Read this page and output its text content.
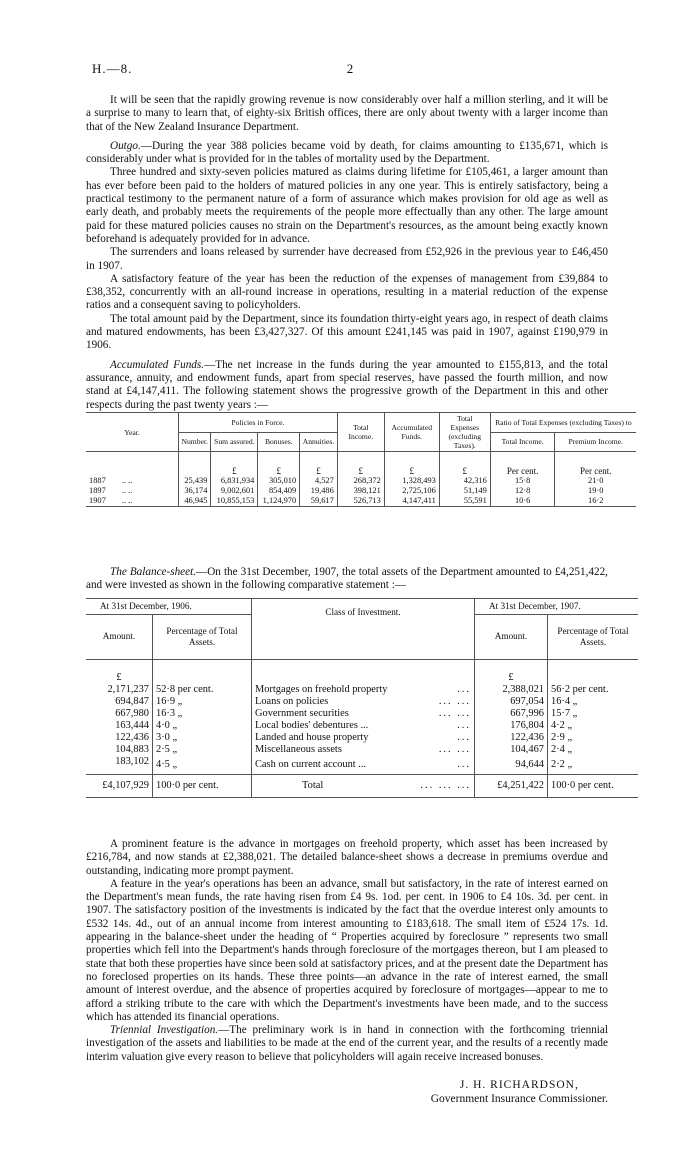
H.—8.	2

It will be seen that the rapidly growing revenue is now considerably over half a million sterling, and it will be a surprise to many to learn that, of eighty-six British offices, there are only about twenty with a larger income than that of the New Zealand Insurance Department.

Outgo.—During the year 388 policies became void by death, for claims amounting to £135,671, which is considerably under what is provided for in the tables of mortality used by the Department.

Three hundred and sixty-seven policies matured as claims during lifetime for £105,461, a larger amount than has ever before been paid to the holders of matured policies in any one year. This is entirely satisfactory, being a practical testimony to the permanent nature of a form of assurance which makes provision for old age as well as early death, and probably meets the requirements of the people more effectually than any other. The large amount paid for these matured policies causes no strain on the Department's resources, as the amount being exactly known beforehand is adequately provided for in advance.

The surrenders and loans released by surrender have decreased from £52,926 in the previous year to £46,450 in 1907.

A satisfactory feature of the year has been the reduction of the expenses of management from £39,884 to £38,352, concurrently with an all-round increase in operations, resulting in a material reduction of the expense ratios and a consequent saving to policyholders.

The total amount paid by the Department, since its foundation thirty-eight years ago, in respect of death claims and matured endowments, has been £3,427,327. Of this amount £241,145 was paid in 1907, against £190,979 in 1906.

Accumulated Funds.—The net increase in the funds during the year amounted to £155,813, and the total assurance, annuity, and endowment funds, apart from special reserves, have passed the fourth million, and now stand at £4,147,411. The following statement shows the progressive growth of the Department in this and other respects during the past twenty years :—

Year.	Policies in Force.				Total Income.	Accumulated Funds.	Total Expenses (excluding Taxes).	Ratio of Total Expenses (excluding Taxes) to	
	Number.	Sum assured.	Bonuses.	Annuities.				Total Income.	Premium Income.
		£	£	£	£	£	£	Per cent.	Per cent.
1887 .. ..	25,439	6,831,934	305,010	4,527	268,372	1,328,493	42,316	15·8	21·0
1897 .. ..	36,174	9,002,601	854,409	19,486	398,121	2,725,106	51,149	12·8	19·0
1907 .. ..	46,945	10,855,153	1,124,970	59,617	526,713	4,147,411	55,591	10·6	16·2

The Balance-sheet.—On the 31st December, 1907, the total assets of the Department amounted to £4,251,422, and were invested as shown in the following comparative statement :—

At 31st December, 1906.		Class of Investment.		At 31st December, 1907.	
Amount.	Percentage of Total Assets.			Amount.	Percentage of Total Assets.
£				£	
2,171,237	52·8 per cent.	Mortgages on freehold property	...	2,388,021	56·2 per cent.
694,847	16·9 „	Loans on policies	... ...	697,054	16·4 „
667,980	16·3 „	Government securities	... ...	667,996	15·7 „
163,444	4·0 „	Local bodies' debentures ...	...	176,804	4·2 „
122,436	3·0 „	Landed and house property	...	122,436	2·9 „
104,883	2·5 „	Miscellaneous assets	... ...	104,467	2·4 „
183,102	4·5 „	Cash on current account ...	...	94,644	2·2 „
£4,107,929	100·0 per cent.	Total	... ... ...	£4,251,422	100·0 per cent.

A prominent feature is the advance in mortgages on freehold property, which asset has been increased by £216,784, and now stands at £2,388,021. The detailed balance-sheet shows a decrease in premiums overdue and outstanding, indicating more prompt payment.

A feature in the year's operations has been an advance, small but satisfactory, in the rate of interest earned on the Department's mean funds, the rate having risen from £4 9s. 1od. per cent. in 1906 to £4 10s. 3d. per cent. in 1907. The satisfactory position of the investments is indicated by the fact that the overdue interest only amounts to £532 14s. 4d., out of an annual income from interest amounting to £183,618. The small item of £524 17s. 1d. appearing in the balance-sheet under the heading of “ Properties acquired by foreclosure ” represents two small properties which fell into the Department's hands through foreclosure of the mortgages thereon, but I am pleased to state that both these properties have since been sold at satisfactory prices, and at the present date the Department has no foreclosed properties on its hands. These three points—an advance in the rate of interest earned, the small amount of interest overdue, and the absence of properties acquired by foreclosure of mortgages—appear to me to afford a striking tribute to the care with which the Department's investments have been made, and to the success which has attended its financial operations.

Triennial Investigation.—The preliminary work is in hand in connection with the forthcoming triennial investigation of the assets and liabilities to be made at the end of the current year, and the results of a recently made interim valuation give every reason to believe that policyholders will again receive increased bonuses.

J. H. RICHARDSON,
Government Insurance Commissioner.
